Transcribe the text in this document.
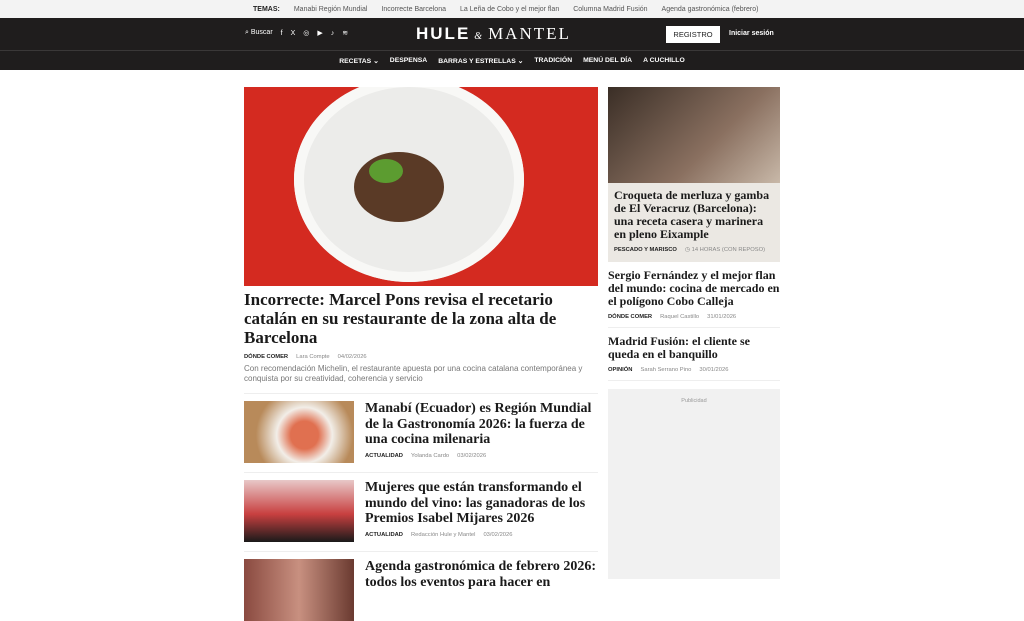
TEMAS: Manabi Región Mundial Incorrecte Barcelona La Leña de Cobo y el mejor flan Columna Madrid Fusión Agenda gastronómica (febrero)
⌕ Buscar f X ◎ ▶ ♪ ≋	HULE & MANTEL	REGISTRO	Iniciar sesión
RECETAS ⌄ DESPENSA BARRAS Y ESTRELLAS ⌄ TRADICIÓN MENÚ DEL DÍA A CUCHILLO
Incorrecte: Marcel Pons revisa el recetario catalán en su restaurante de la zona alta de Barcelona
DÓNDE COMER Lara Compte 04/02/2026
Con recomendación Michelin, el restaurante apuesta por una cocina catalana contemporánea y conquista por su creatividad, coherencia y servicio
Manabí (Ecuador) es Región Mundial de la Gastronomía 2026: la fuerza de una cocina milenaria
ACTUALIDAD Yolanda Cardo 03/02/2026
Mujeres que están transformando el mundo del vino: las ganadoras de los Premios Isabel Mijares 2026
ACTUALIDAD Redacción Hule y Mantel 03/02/2026
Agenda gastronómica de febrero 2026: todos los eventos para hacer en
Croqueta de merluza y gamba de El Veracruz (Barcelona): una receta casera y marinera en pleno Eixample
PESCADO Y MARISCO ◷ 14 HORAS (CON REPOSO)
Sergio Fernández y el mejor flan del mundo: cocina de mercado en el polígono Cobo Calleja
DÓNDE COMER Raquel Castillo 31/01/2026
Madrid Fusión: el cliente se queda en el banquillo
OPINIÓN Sarah Serrano Pino 30/01/2026
Publicidad
